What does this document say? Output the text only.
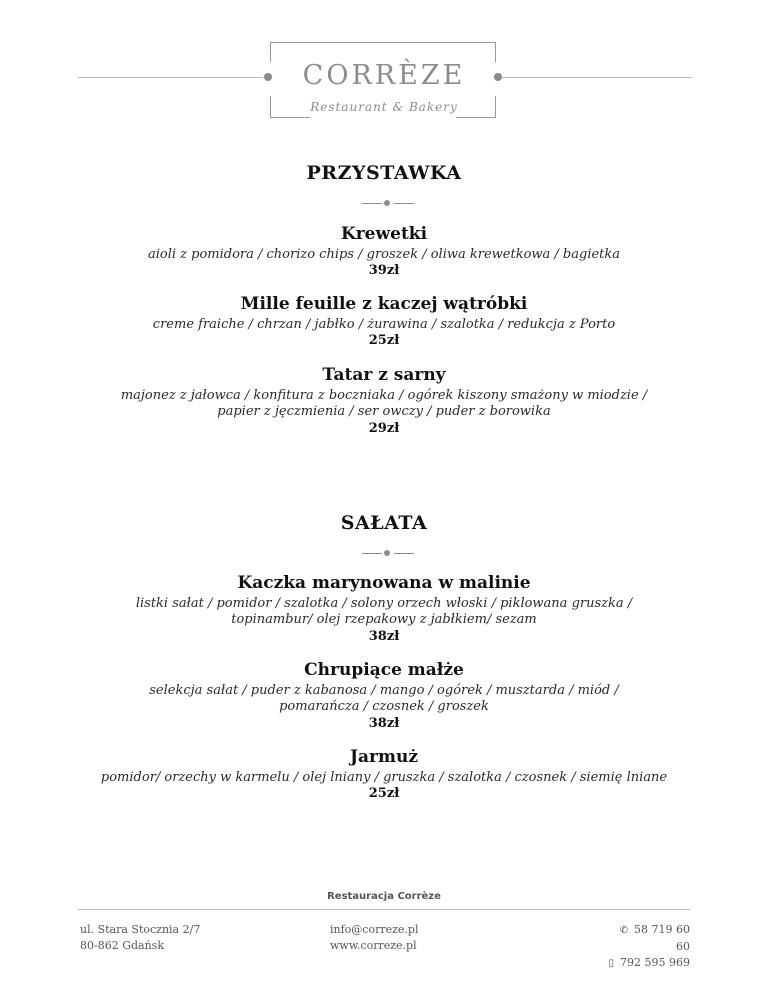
CORRÈZE
Restaurant & Bakery
PRZYSTAWKA
Krewetki
aioli z pomidora / chorizo chips / groszek / oliwa krewetkowa / bagietka
39zł
Mille feuille z kaczej wątróbki
creme fraiche / chrzan / jabłko / żurawina / szalotka / redukcja z Porto
25zł
Tatar z sarny
majonez z jałowca / konfitura z boczniaka / ogórek kiszony smażony w miodzie /
papier z jęczmienia / ser owczy / puder z borowika
29zł
SAŁATA
Kaczka marynowana w malinie
listki sałat / pomidor / szalotka / solony orzech włoski / piklowana gruszka /
topinambur/ olej rzepakowy z jabłkiem/ sezam
38zł
Chrupiące małże
selekcja sałat / puder z kabanosa / mango / ogórek / musztarda / miód /
pomarańcza / czosnek / groszek
38zł
Jarmuż
pomidor/ orzechy w karmelu / olej lniany / gruszka / szalotka / czosnek / siemię lniane
25zł
Restauracja Corrèze
ul. Stara Stocznia 2/7
80-862 Gdańsk
info@correze.pl
www.correze.pl
✆ 58 719 60 60
▯ 792 595 969
